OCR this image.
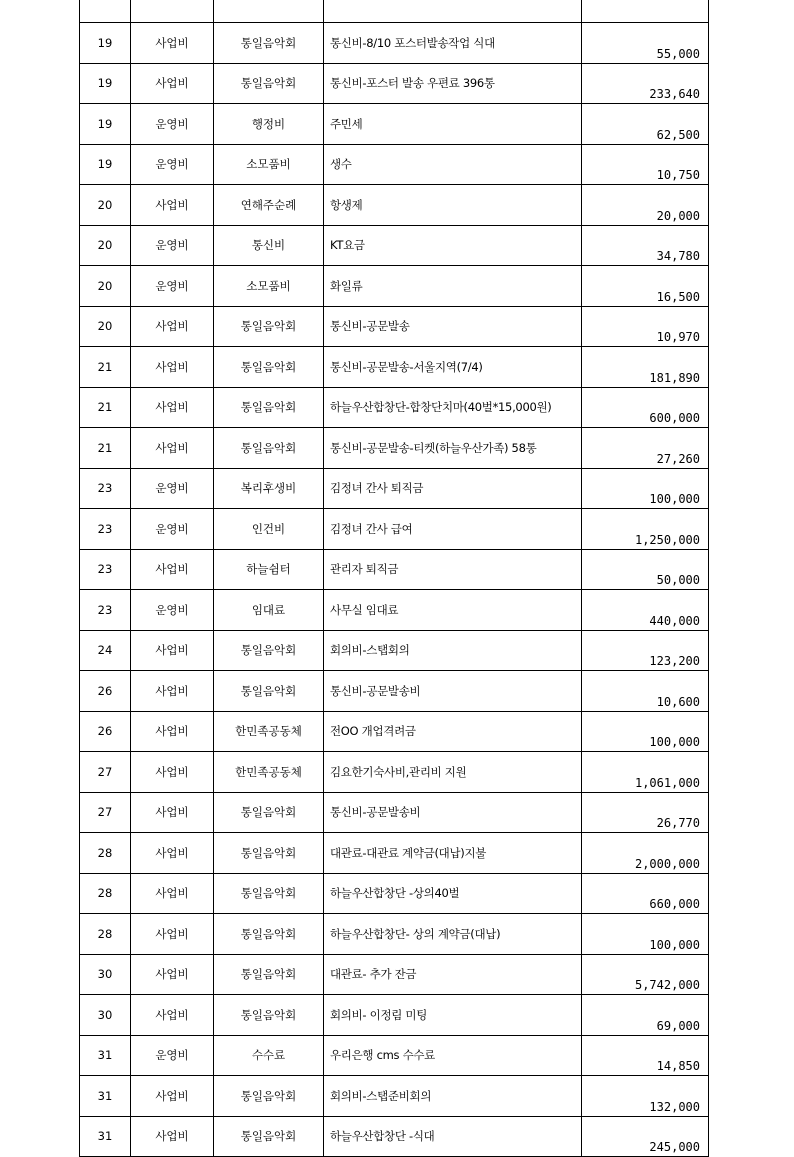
19	사업비	통일음악회	통신비-8/10 포스터발송작업 식대	55,000
19	사업비	통일음악회	통신비-포스터 발송 우편료 396통	233,640
19	운영비	행정비	주민세	62,500
19	운영비	소모품비	생수	10,750
20	사업비	연해주순례	항생제	20,000
20	운영비	통신비	KT요금	34,780
20	운영비	소모품비	화일류	16,500
20	사업비	통일음악회	통신비-공문발송	10,970
21	사업비	통일음악회	통신비-공문발송-서울지역(7/4)	181,890
21	사업비	통일음악회	하늘우산합창단-합창단치마(40벌*15,000원)	600,000
21	사업비	통일음악회	통신비-공문발송-티켓(하늘우산가족) 58통	27,260
23	운영비	복리후생비	김정녀 간사 퇴직금	100,000
23	운영비	인건비	김정녀 간사 급여	1,250,000
23	사업비	하늘쉼터	관리자 퇴직금	50,000
23	운영비	임대료	사무실 임대료	440,000
24	사업비	통일음악회	회의비-스탭회의	123,200
26	사업비	통일음악회	통신비-공문발송비	10,600
26	사업비	한민족공동체	전OO 개업격려금	100,000
27	사업비	한민족공동체	김요한기숙사비,관리비 지원	1,061,000
27	사업비	통일음악회	통신비-공문발송비	26,770
28	사업비	통일음악회	대관료-대관료 계약금(대납)지불	2,000,000
28	사업비	통일음악회	하늘우산합창단 -상의40벌	660,000
28	사업비	통일음악회	하늘우산합창단- 상의 계약금(대납)	100,000
30	사업비	통일음악회	대관료- 추가 잔금	5,742,000
30	사업비	통일음악회	회의비- 이정림 미팅	69,000
31	운영비	수수료	우리은행 cms 수수료	14,850
31	사업비	통일음악회	회의비-스탭준비회의	132,000
31	사업비	통일음악회	하늘우산합창단 -식대	245,000
